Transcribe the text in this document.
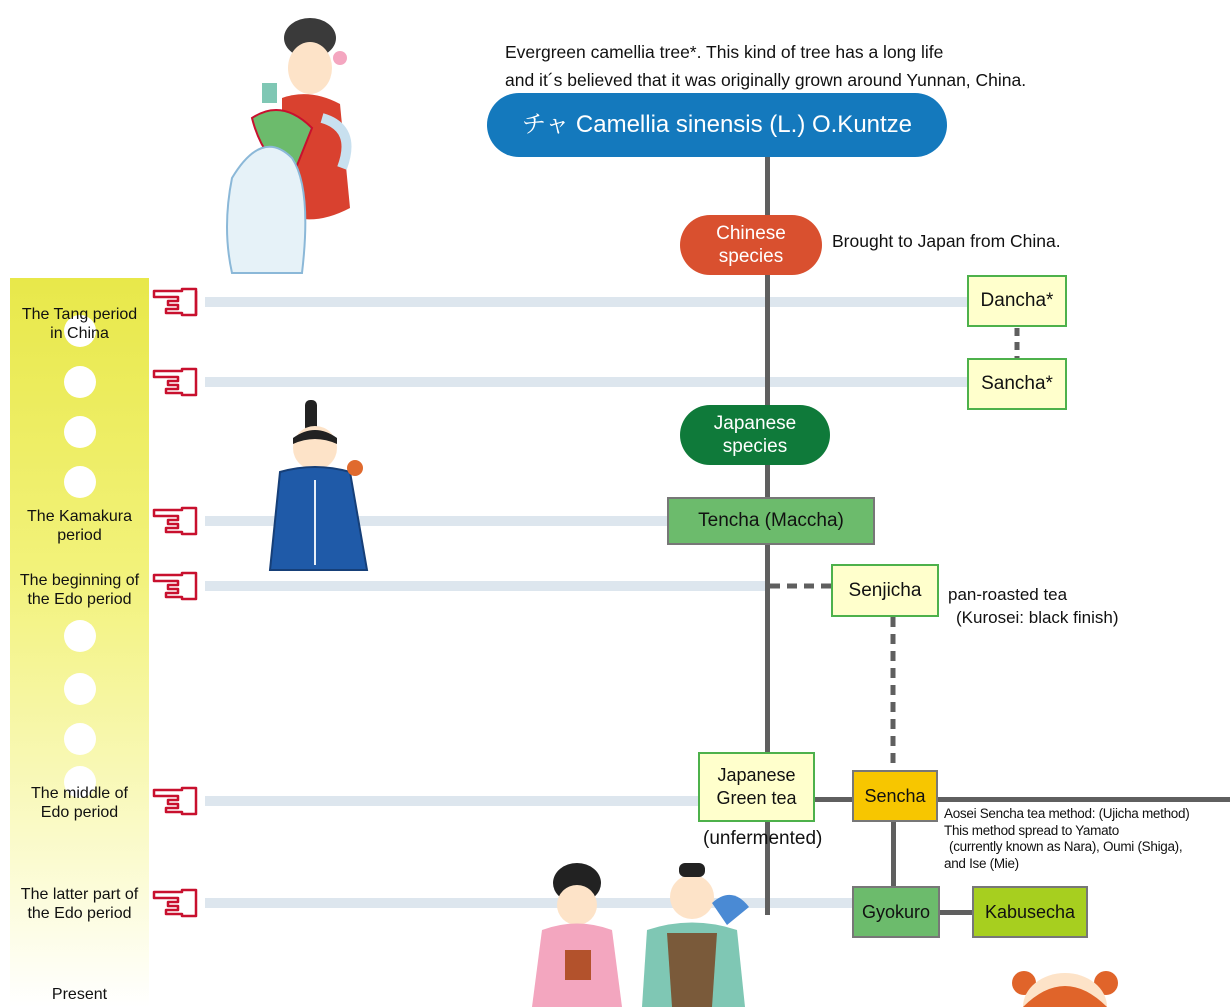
The Tang period
in China
The Kamakura
period
The beginning of
the Edo period
The middle of
Edo period
The latter part of
the Edo period
Present
Evergreen camellia tree*. This kind of tree has a long life
and it´s believed that it was originally grown around Yunnan, China.
チャ Camellia sinensis (L.) O.Kuntze
Chinese
species
Brought to Japan from China.
Dancha*
Sancha*
Japanese
species
Tencha (Maccha)
Senjicha pan-roasted tea
(Kurosei: black finish)
Japanese
Green tea
(unfermented)
Sencha
Aosei Sencha tea method: (Ujicha method)
This method spread to Yamato
(currently known as Nara), Oumi (Shiga),
and Ise (Mie)
Gyokuro	Kabusecha
